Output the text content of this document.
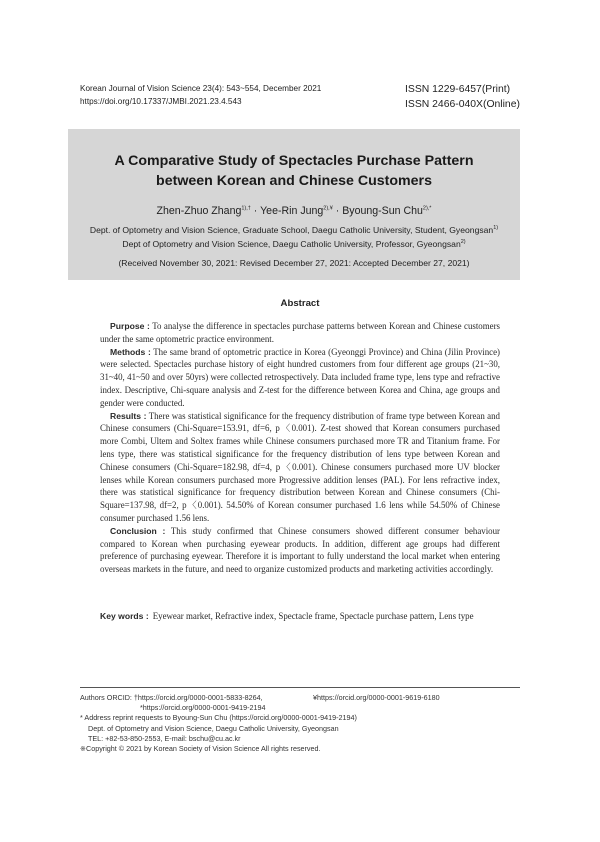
Korean Journal of Vision Science 23(4): 543~554, December 2021
https://doi.org/10.17337/JMBI.2021.23.4.543
ISSN 1229-6457(Print)
ISSN 2466-040X(Online)
A Comparative Study of Spectacles Purchase Pattern
between Korean and Chinese Customers
Zhen-Zhuo Zhang$^{1),\dagger}$ · Yee-Rin Jung$^{2),¥}$ · Byoung-Sun Chu$^{2),*}$
Dept. of Optometry and Vision Science, Graduate School, Daegu Catholic University, Student, Gyeongsan$^{1)}$
Dept of Optometry and Vision Science, Daegu Catholic University, Professor, Gyeongsan$^{2)}$
(Received November 30, 2021: Revised December 27, 2021: Accepted December 27, 2021)
Abstract

Purpose : To analyse the difference in spectacles purchase patterns between Korean and Chinese customers under the same optometric practice environment.

Methods : The same brand of optometric practice in Korea (Gyeonggi Province) and China (Jilin Province) were selected. Spectacles purchase history of eight hundred customers from four different age groups (21~30, 31~40, 41~50 and over 50yrs) were collected retrospectively. Data included frame type, lens type and refractive index. Descriptive, Chi-square analysis and Z-test for the difference between Korea and China, age groups and gender were conducted.

Results : There was statistical significance for the frequency distribution of frame type between Korean and Chinese consumers (Chi-Square=153.91, df=6, p〈0.001). Z-test showed that Korean consumers purchased more Combi, Ultem and Soltex frames while Chinese consumers purchased more TR and Titanium frame. For lens type, there was statistical significance for the frequency distribution of lens type between Korean and Chinese consumers (Chi-Square=182.98, df=4, p〈0.001). Chinese consumers purchased more UV blocker lenses while Korean consumers purchased more Progressive addition lenses (PAL). For lens refractive index, there was statistical significance for frequency distribution between Korean and Chinese consumers (Chi-Square=137.98, df=2, p〈0.001). 54.50% of Korean consumer purchased 1.6 lens while 54.50% of Chinese consumer purchased 1.56 lens.

Conclusion : This study confirmed that Chinese consumers showed different consumer behaviour compared to Korean when purchasing eyewear products. In addition, different age groups had different preference of purchasing eyewear. Therefore it is important to fully understand the local market when entering overseas markets in the future, and need to organize customized products and marketing activities accordingly.

Key words : Eyewear market, Refractive index, Spectacle frame, Spectacle purchase pattern, Lens type
Authors ORCID: †https://orcid.org/0000-0001-5833-8264,	¥https://orcid.org/0000-0001-9619-6180
*https://orcid.org/0000-0001-9419-2194
* Address reprint requests to Byoung-Sun Chu (https://orcid.org/0000-0001-9419-2194)
Dept. of Optometry and Vision Science, Daegu Catholic University, Gyeongsan
TEL: +82-53-850-2553, E-mail: bschu@cu.ac.kr
※Copyright © 2021 by Korean Society of Vision Science All rights reserved.
